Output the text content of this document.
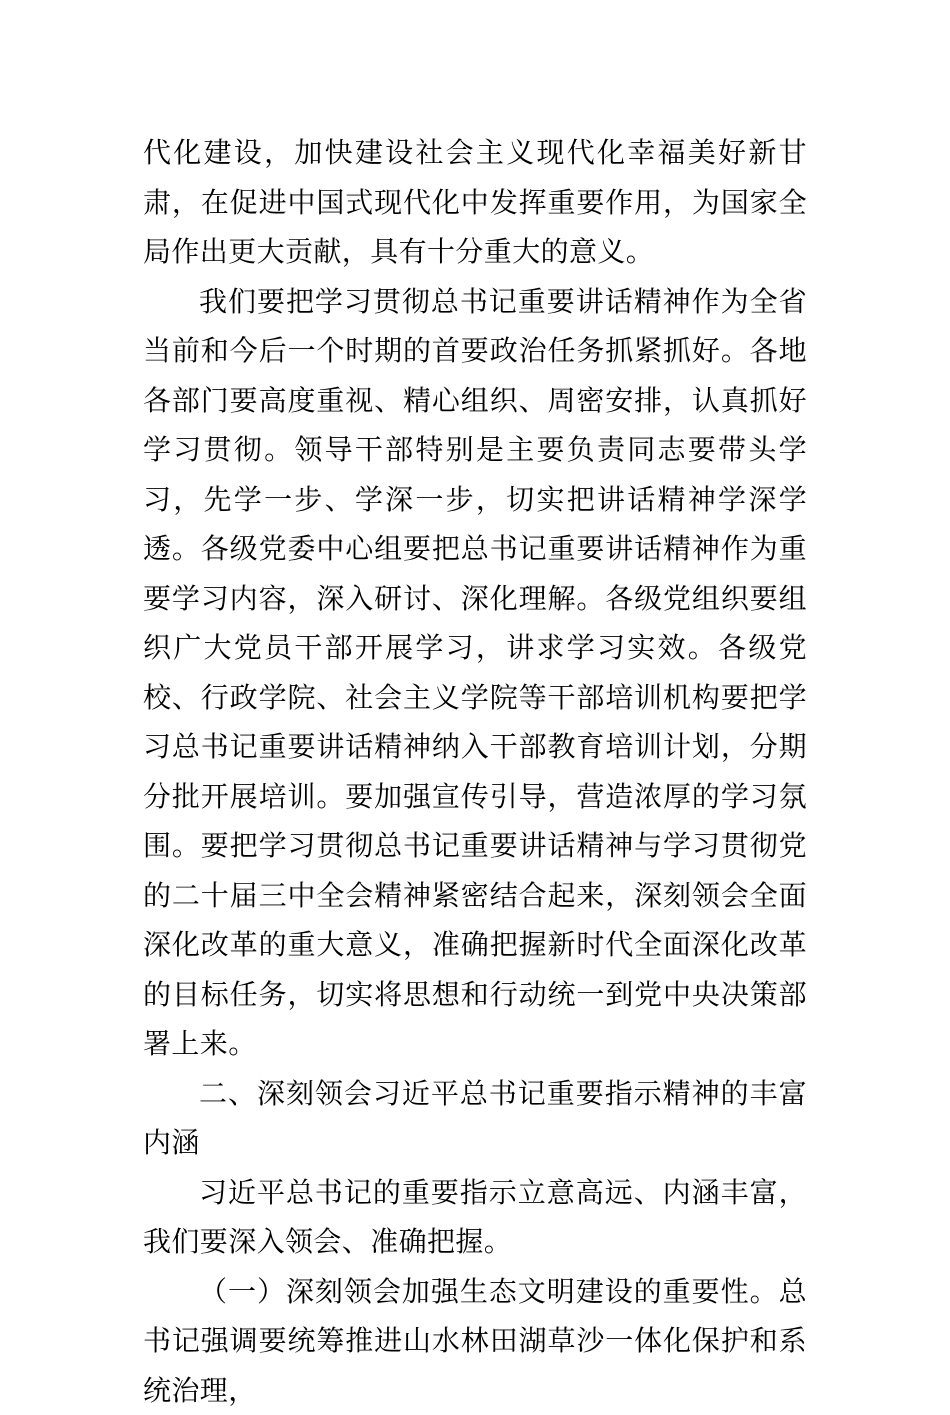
代化建设，加快建设社会主义现代化幸福美好新甘肃，在促进中国式现代化中发挥重要作用，为国家全局作出更大贡献，具有十分重大的意义。

我们要把学习贯彻总书记重要讲话精神作为全省当前和今后一个时期的首要政治任务抓紧抓好。各地各部门要高度重视、精心组织、周密安排，认真抓好学习贯彻。领导干部特别是主要负责同志要带头学习，先学一步、学深一步，切实把讲话精神学深学透。各级党委中心组要把总书记重要讲话精神作为重要学习内容，深入研讨、深化理解。各级党组织要组织广大党员干部开展学习，讲求学习实效。各级党校、行政学院、社会主义学院等干部培训机构要把学习总书记重要讲话精神纳入干部教育培训计划，分期分批开展培训。要加强宣传引导，营造浓厚的学习氛围。要把学习贯彻总书记重要讲话精神与学习贯彻党的二十届三中全会精神紧密结合起来，深刻领会全面深化改革的重大意义，准确把握新时代全面深化改革的目标任务，切实将思想和行动统一到党中央决策部署上来。

二、深刻领会习近平总书记重要指示精神的丰富内涵

习近平总书记的重要指示立意高远、内涵丰富，我们要深入领会、准确把握。

（一）深刻领会加强生态文明建设的重要性。总书记强调要统筹推进山水林田湖草沙一体化保护和系统治理，
